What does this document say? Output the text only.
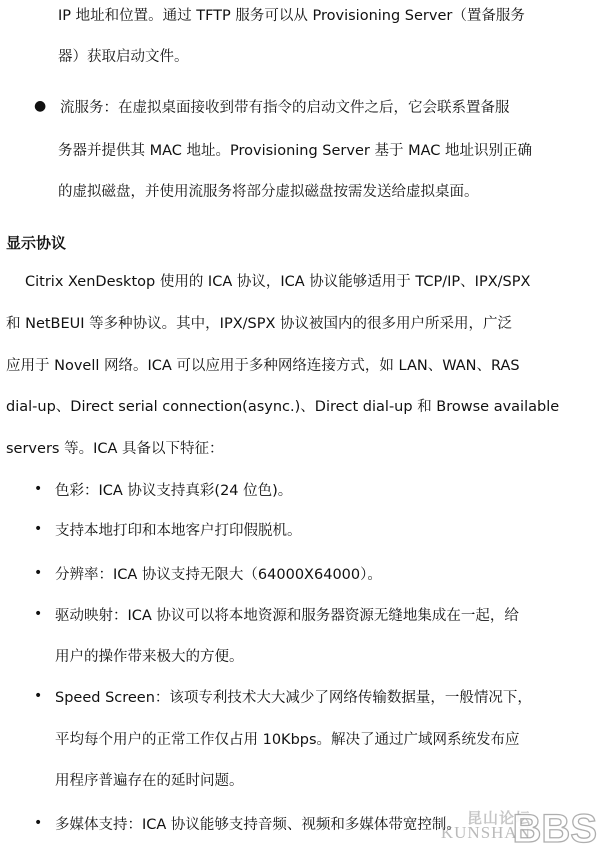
IP 地址和位置。通过 TFTP 服务可以从 Provisioning Server（置备服务
器）获取启动文件。
● 流服务：在虚拟桌面接收到带有指令的启动文件之后，它会联系置备服
务器并提供其 MAC 地址。Provisioning Server 基于 MAC 地址识别正确
的虚拟磁盘，并使用流服务将部分虚拟磁盘按需发送给虚拟桌面。
显示协议
Citrix XenDesktop 使用的 ICA 协议，ICA 协议能够适用于 TCP/IP、IPX/SPX
和 NetBEUI 等多种协议。其中，IPX/SPX 协议被国内的很多用户所采用，广泛
应用于 Novell 网络。ICA 可以应用于多种网络连接方式，如 LAN、WAN、RAS
dial-up、Direct serial connection(async.)、Direct dial-up 和 Browse available
servers 等。ICA 具备以下特征：
• 色彩：ICA 协议支持真彩(24 位色)。
• 支持本地打印和本地客户打印假脱机。
• 分辨率：ICA 协议支持无限大（64000X64000）。
• 驱动映射：ICA 协议可以将本地资源和服务器资源无缝地集成在一起，给
用户的操作带来极大的方便。
• Speed Screen：该项专利技术大大减少了网络传输数据量，一般情况下，
平均每个用户的正常工作仅占用 10Kbps。解决了通过广域网系统发布应
用程序普遍存在的延时问题。
• 多媒体支持：ICA 协议能够支持音频、视频和多媒体带宽控制。 昆山论坛
KUNSHAN
BBS
